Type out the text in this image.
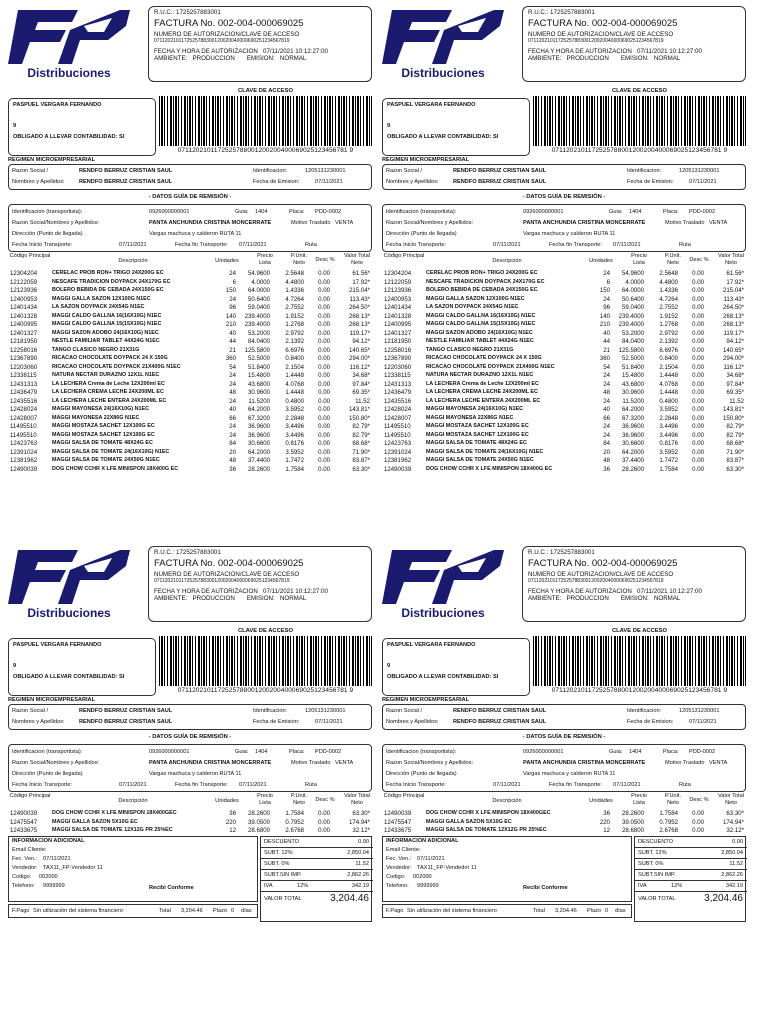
Distribuciones
R.U.C.: 1725257883001
FACTURA No. 002-004-000069025
NUMERO DE AUTORIZACION/CLAVE DE ACCESO
0711202101172525788300120020040000690251234567819
FECHA Y HORA DE AUTORIZACION 07/11/2021 10:12:27:00
AMBIENTE: PRODUCCION EMISION: NORMAL
CLAVE DE ACCESO
0711202101172525788001200200400069025123456781 9
PASPUEL VERGARA FERNANDO
9
OBLIGADO A LLEVAR CONTABILIDAD: SI
REGIMEN MICROEMPRESARIAL
Razon Social /
Nombres y Apellidos:
RENDFO BERRUZ CRISTIAN SAUL
RENDFO BERRUZ CRISTIAN SAUL
Identificacion:	1205131230001
Fecha de Emision:	07/11/2021
- DATOS GUÍA DE REMISIÓN -
Identificacion (transportista):	0926000000001	Guia: 1404	Placa: PDD-0002
Razon Social/Nombres y Apellidos:	PANTA ANCHUNDIA CRISTINA MONCERRATE	Motivo Traslado VENTA
Dirección (Punto de llegada)	Vargas machuca y calderon RUTA 11
Fecha Inicio Transporte:	07/11/2021	Fecha fin Transporte: 07/11/2021	Ruta
Código Principal
Descripción	Unidades
Precio Lista
P.Unit. Neto	Desc %
Valor Total Neto
12304204	CERELAC PROB RON+ TRIGO 24X200G EC	24	54.9600	2.5648	0.00	61.56*
12122059	NESCAFE TRADICION DOYPACK 24X170G EC	6	4.0000	4.4800	0.00	17.92*
12123936	BOLERO BEBIDA DE CEBADA 24X150G EC	150	64.0000	1.4336	0.00	215.04*
12400953	MAGGI GALLA SAZON 12X100G N1EC	24	50.6400	4.7264	0.00	113.43*
12401434	LA SAZON DOYPACK 24X54G N1EC	96	59.0400	2.7552	0.00	264.50*
12401328	MAGGI CALDO GALLNA 16(16X10G) N1EC	140	239.4000	1.9152	0.00	268.13*
12400995	MAGGI CALDO GALLNA 15(15X10G) N1EC	210	239.4000	1.2768	0.00	268.13*
12401327	MAGGI SAZON ADOBO 24(16X10G) N1EC	40	53.2000	2.9792	0.00	119.17*
12181950	NESTLE FAMILIAR TABLET 44X24G N1EC	44	84.0400	2.1392	0.00	94.12*
12258016	TANGO CLASICO NEGRO 21X31G	21	125.5800	6.6976	0.00	140.65*
12367890	RICACAO CHOCOLATE DOYPACK 24 X 150G	360	52.5000	0.8400	0.00	294.00*
12203060	RICACAO CHOCOLATE DOYPACK 21X400G N1EC	54	51.8400	2.1504	0.00	116.12*
12338115	NATURA NECTAR DURAZNO 12X1L N1EC	24	15.4800	1.4448	0.00	34.68*
12431313	LA LECHERA Crema de Leche 12X200ml EC	24	43.6800	4.0768	0.00	97.84*
12436479	LA LECHERA CREMA LECHE 24X200ML EC	48	30.9600	1.4448	0.00	69.35*
12435516	LA LECHERA LECHE ENTERA 24X200ML EC	24	11.5200	0.4800	0.00	11.52
12428024	MAGGI MAYONESA 24(16X10G) N1EC	40	64.2000	3.5952	0.00	143.81*
12428007	MAGGI MAYONESA 22X86G N1EC	66	67.3200	2.2848	0.00	150.80*
11495510	MAGGI MOSTAZA SACHET 12X100G EC	24	36.9600	3.4496	0.00	82.79*
11495510	MAGGI MOSTAZA SACHET 12X100G EC	24	36.9600	3.4496	0.00	82.79*
12423763	MAGGI SALSA DE TOMATE 48X24G EC	84	30.6600	0.8176	0.00	68.68*
12391024	MAGGI SALSA DE TOMATE 24(16X10G) N1EC	20	64.2000	3.5952	0.00	71.90*
12381962	MAGGI SALSA DE TOMATE 24X50G N1EC	48	37.4400	1.7472	0.00	83.87*
12490039	DOG CHOW CCHR X LFE MINISPON 18X400G EC	36	28.2600	1.7584	0.00	63.30*
Distribuciones
R.U.C.: 1725257883001
FACTURA No. 002-004-000069025
NUMERO DE AUTORIZACION/CLAVE DE ACCESO
0711202101172525788300120020040000690251234567819
FECHA Y HORA DE AUTORIZACION 07/11/2021 10:12:27:00
AMBIENTE: PRODUCCION EMISION: NORMAL
CLAVE DE ACCESO
0711202101172525788001200200400069025123456781 9
PASPUEL VERGARA FERNANDO
9
OBLIGADO A LLEVAR CONTABILIDAD: SI
REGIMEN MICROEMPRESARIAL
Razon Social /
Nombres y Apellidos:
RENDFO BERRUZ CRISTIAN SAUL
RENDFO BERRUZ CRISTIAN SAUL
Identificacion:	1205131230001
Fecha de Emision:	07/11/2021
- DATOS GUÍA DE REMISIÓN -
Identificacion (transportista):	0926000000001	Guia: 1404	Placa: PDD-0002
Razon Social/Nombres y Apellidos:	PANTA ANCHUNDIA CRISTINA MONCERRATE	Motivo Traslado VENTA
Dirección (Punto de llegada)	Vargas machuca y calderon RUTA 11
Fecha Inicio Transporte:	07/11/2021	Fecha fin Transporte: 07/11/2021	Ruta
Código Principal
Descripción	Unidades
Precio Lista
P.Unit. Neto	Desc %
Valor Total Neto
12304204	CERELAC PROB RON+ TRIGO 24X200G EC	24	54.9600	2.5648	0.00	61.56*
12122059	NESCAFE TRADICION DOYPACK 24X170G EC	6	4.0000	4.4800	0.00	17.92*
12123936	BOLERO BEBIDA DE CEBADA 24X150G EC	150	64.0000	1.4336	0.00	215.04*
12400953	MAGGI GALLA SAZON 12X100G N1EC	24	50.6400	4.7264	0.00	113.43*
12401434	LA SAZON DOYPACK 24X54G N1EC	96	59.0400	2.7552	0.00	264.50*
12401328	MAGGI CALDO GALLNA 16(16X10G) N1EC	140	239.4000	1.9152	0.00	268.13*
12400995	MAGGI CALDO GALLNA 15(15X10G) N1EC	210	239.4000	1.2768	0.00	268.13*
12401327	MAGGI SAZON ADOBO 24(16X10G) N1EC	40	53.2000	2.9792	0.00	119.17*
12181950	NESTLE FAMILIAR TABLET 44X24G N1EC	44	84.0400	2.1392	0.00	94.12*
12258016	TANGO CLASICO NEGRO 21X31G	21	125.5800	6.6976	0.00	140.65*
12367890	RICACAO CHOCOLATE DOYPACK 24 X 150G	360	52.5000	0.8400	0.00	294.00*
12203060	RICACAO CHOCOLATE DOYPACK 21X400G N1EC	54	51.8400	2.1504	0.00	116.12*
12338115	NATURA NECTAR DURAZNO 12X1L N1EC	24	15.4800	1.4448	0.00	34.68*
12431313	LA LECHERA Crema de Leche 12X200ml EC	24	43.6800	4.0768	0.00	97.84*
12436479	LA LECHERA CREMA LECHE 24X200ML EC	48	30.9600	1.4448	0.00	69.35*
12435516	LA LECHERA LECHE ENTERA 24X200ML EC	24	11.5200	0.4800	0.00	11.52
12428024	MAGGI MAYONESA 24(16X10G) N1EC	40	64.2000	3.5952	0.00	143.81*
12428007	MAGGI MAYONESA 22X86G N1EC	66	67.3200	2.2848	0.00	150.80*
11495510	MAGGI MOSTAZA SACHET 12X100G EC	24	36.9600	3.4496	0.00	82.79*
11495510	MAGGI MOSTAZA SACHET 12X100G EC	24	36.9600	3.4496	0.00	82.79*
12423763	MAGGI SALSA DE TOMATE 48X24G EC	84	30.6600	0.8176	0.00	68.68*
12391024	MAGGI SALSA DE TOMATE 24(16X10G) N1EC	20	64.2000	3.5952	0.00	71.90*
12381962	MAGGI SALSA DE TOMATE 24X50G N1EC	48	37.4400	1.7472	0.00	83.87*
12490039	DOG CHOW CCHR X LFE MINISPON 18X400G EC	36	28.2600	1.7584	0.00	63.30*
Distribuciones
R.U.C.: 1725257883001
FACTURA No. 002-004-000069025
NUMERO DE AUTORIZACION/CLAVE DE ACCESO
0711202101172525788300120020040000690251234567819
FECHA Y HORA DE AUTORIZACION 07/11/2021 10:12:27:00
AMBIENTE: PRODUCCION EMISION: NORMAL
CLAVE DE ACCESO
0711202101172525788001200200400069025123456781 9
PASPUEL VERGARA FERNANDO
9
OBLIGADO A LLEVAR CONTABILIDAD: SI
REGIMEN MICROEMPRESARIAL
Razon Social /
Nombres y Apellidos:
RENDFO BERRUZ CRISTIAN SAUL
RENDFO BERRUZ CRISTIAN SAUL
Identificacion:	1205131230001
Fecha de Emision:	07/11/2021
- DATOS GUÍA DE REMISIÓN -
Identificacion (transportista):	0926000000001	Guia: 1404	Placa: PDD-0002
Razon Social/Nombres y Apellidos:	PANTA ANCHUNDIA CRISTINA MONCERRATE	Motivo Traslado VENTA
Dirección (Punto de llegada)	Vargas machuca y calderon RUTA 11
Fecha Inicio Transporte:	07/11/2021	Fecha fin Transporte: 07/11/2021	Ruta
Código Principal
Descripción	Unidades
Precio Lista
P.Unit. Neto	Desc %
Valor Total Neto
12490039	DOG CHOW CCHR X LFE MINISPON 18X400GEC	36	28.2600	1.7584	0.00	63.30*
12475547	MAGGI GALLA SAZON 5X10G EC	220	39.0500	0.7952	0.00	174.94*
12433675	MAGGI SALSA DE TOMATE 12X12G PR 25%EC	12	28.6800	2.6768	0.00	32.12*
INFORMACION ADICIONAL
Email Cliente:
Fec. Ven.: 07/11/2021
Vendedor: TAX11_FP-Vendedor 11
Codigo: 002000
Telefono: 9999999	Recibi Conforme
F.Pago Sin utilización del sistema financiero	Total 3,204.46 Plazo 0 días
DESCUENTO	0.00
SUBT. 12%	2,850.04
SUBT. 0%	11.52
SUBT.SIN IMP.	2,862.26
IVA	12%	342.19
VALOR TOTAL	3,204.46
Distribuciones
R.U.C.: 1725257883001
FACTURA No. 002-004-000069025
NUMERO DE AUTORIZACION/CLAVE DE ACCESO
0711202101172525788300120020040000690251234567819
FECHA Y HORA DE AUTORIZACION 07/11/2021 10:12:27:00
AMBIENTE: PRODUCCION EMISION: NORMAL
CLAVE DE ACCESO
0711202101172525788001200200400069025123456781 9
PASPUEL VERGARA FERNANDO
9
OBLIGADO A LLEVAR CONTABILIDAD: SI
REGIMEN MICROEMPRESARIAL
Razon Social /
Nombres y Apellidos:
RENDFO BERRUZ CRISTIAN SAUL
RENDFO BERRUZ CRISTIAN SAUL
Identificacion:	1205131230001
Fecha de Emision:	07/11/2021
- DATOS GUÍA DE REMISIÓN -
Identificacion (transportista):	0926000000001	Guia: 1404	Placa: PDD-0002
Razon Social/Nombres y Apellidos:	PANTA ANCHUNDIA CRISTINA MONCERRATE	Motivo Traslado VENTA
Dirección (Punto de llegada)	Vargas machuca y calderon RUTA 11
Fecha Inicio Transporte:	07/11/2021	Fecha fin Transporte: 07/11/2021	Ruta
Código Principal
Descripción	Unidades
Precio Lista
P.Unit. Neto	Desc %
Valor Total Neto
12490039	DOG CHOW CCHR X LFE MINISPON 18X400GEC	36	28.2600	1.7584	0.00	63.30*
12475547	MAGGI GALLA SAZON 5X10G EC	220	39.0500	0.7952	0.00	174.94*
12433675	MAGGI SALSA DE TOMATE 12X12G PR 25%EC	12	28.6800	2.6768	0.00	32.12*
INFORMACION ADICIONAL
Email Cliente:
Fec. Ven.: 07/11/2021
Vendedor: TAX11_FP-Vendedor 11
Codigo: 002000
Telefono: 9999999	Recibi Conforme
F.Pago Sin utilización del sistema financiero	Total 3,204.46 Plazo 0 días
DESCUENTO	0.00
SUBT. 12%	2,850.04
SUBT. 0%	11.52
SUBT.SIN IMP.	2,862.26
IVA	12%	342.19
VALOR TOTAL	3,204.46
